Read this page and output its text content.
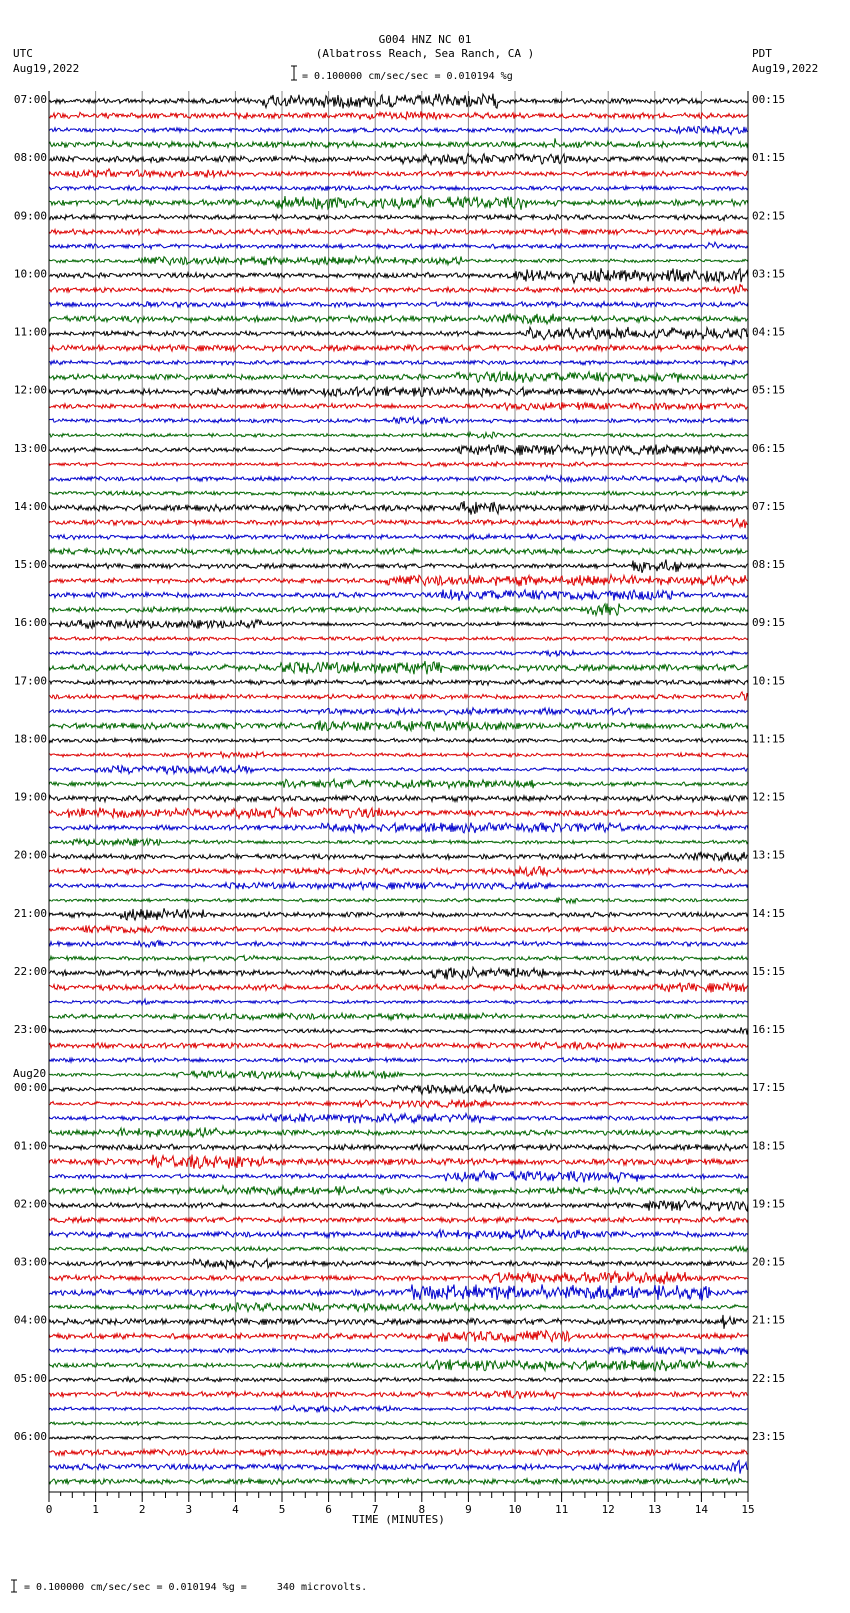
G004 HNZ NC 01
(Albatross Reach, Sea Ranch, CA )
= 0.100000 cm/sec/sec = 0.010194 %g
UTC
Aug19,2022
PDT
Aug19,2022
0	1	2	3	4	5	6	7	8	9	10	11	12	13	14	15
TIME (MINUTES)
07:00
08:00
09:00
10:00
11:00
12:00
13:00
14:00
15:00
16:00
17:00
18:00
19:00
20:00
21:00
22:00
23:00
00:00
Aug20
01:00
02:00
03:00
04:00
05:00
06:00
00:15
01:15
02:15
03:15
04:15
05:15
06:15
07:15
08:15
09:15
10:15
11:15
12:15
13:15
14:15
15:15
16:15
17:15
18:15
19:15
20:15
21:15
22:15
23:15
= 0.100000 cm/sec/sec = 0.010194 %g =     340 microvolts.
